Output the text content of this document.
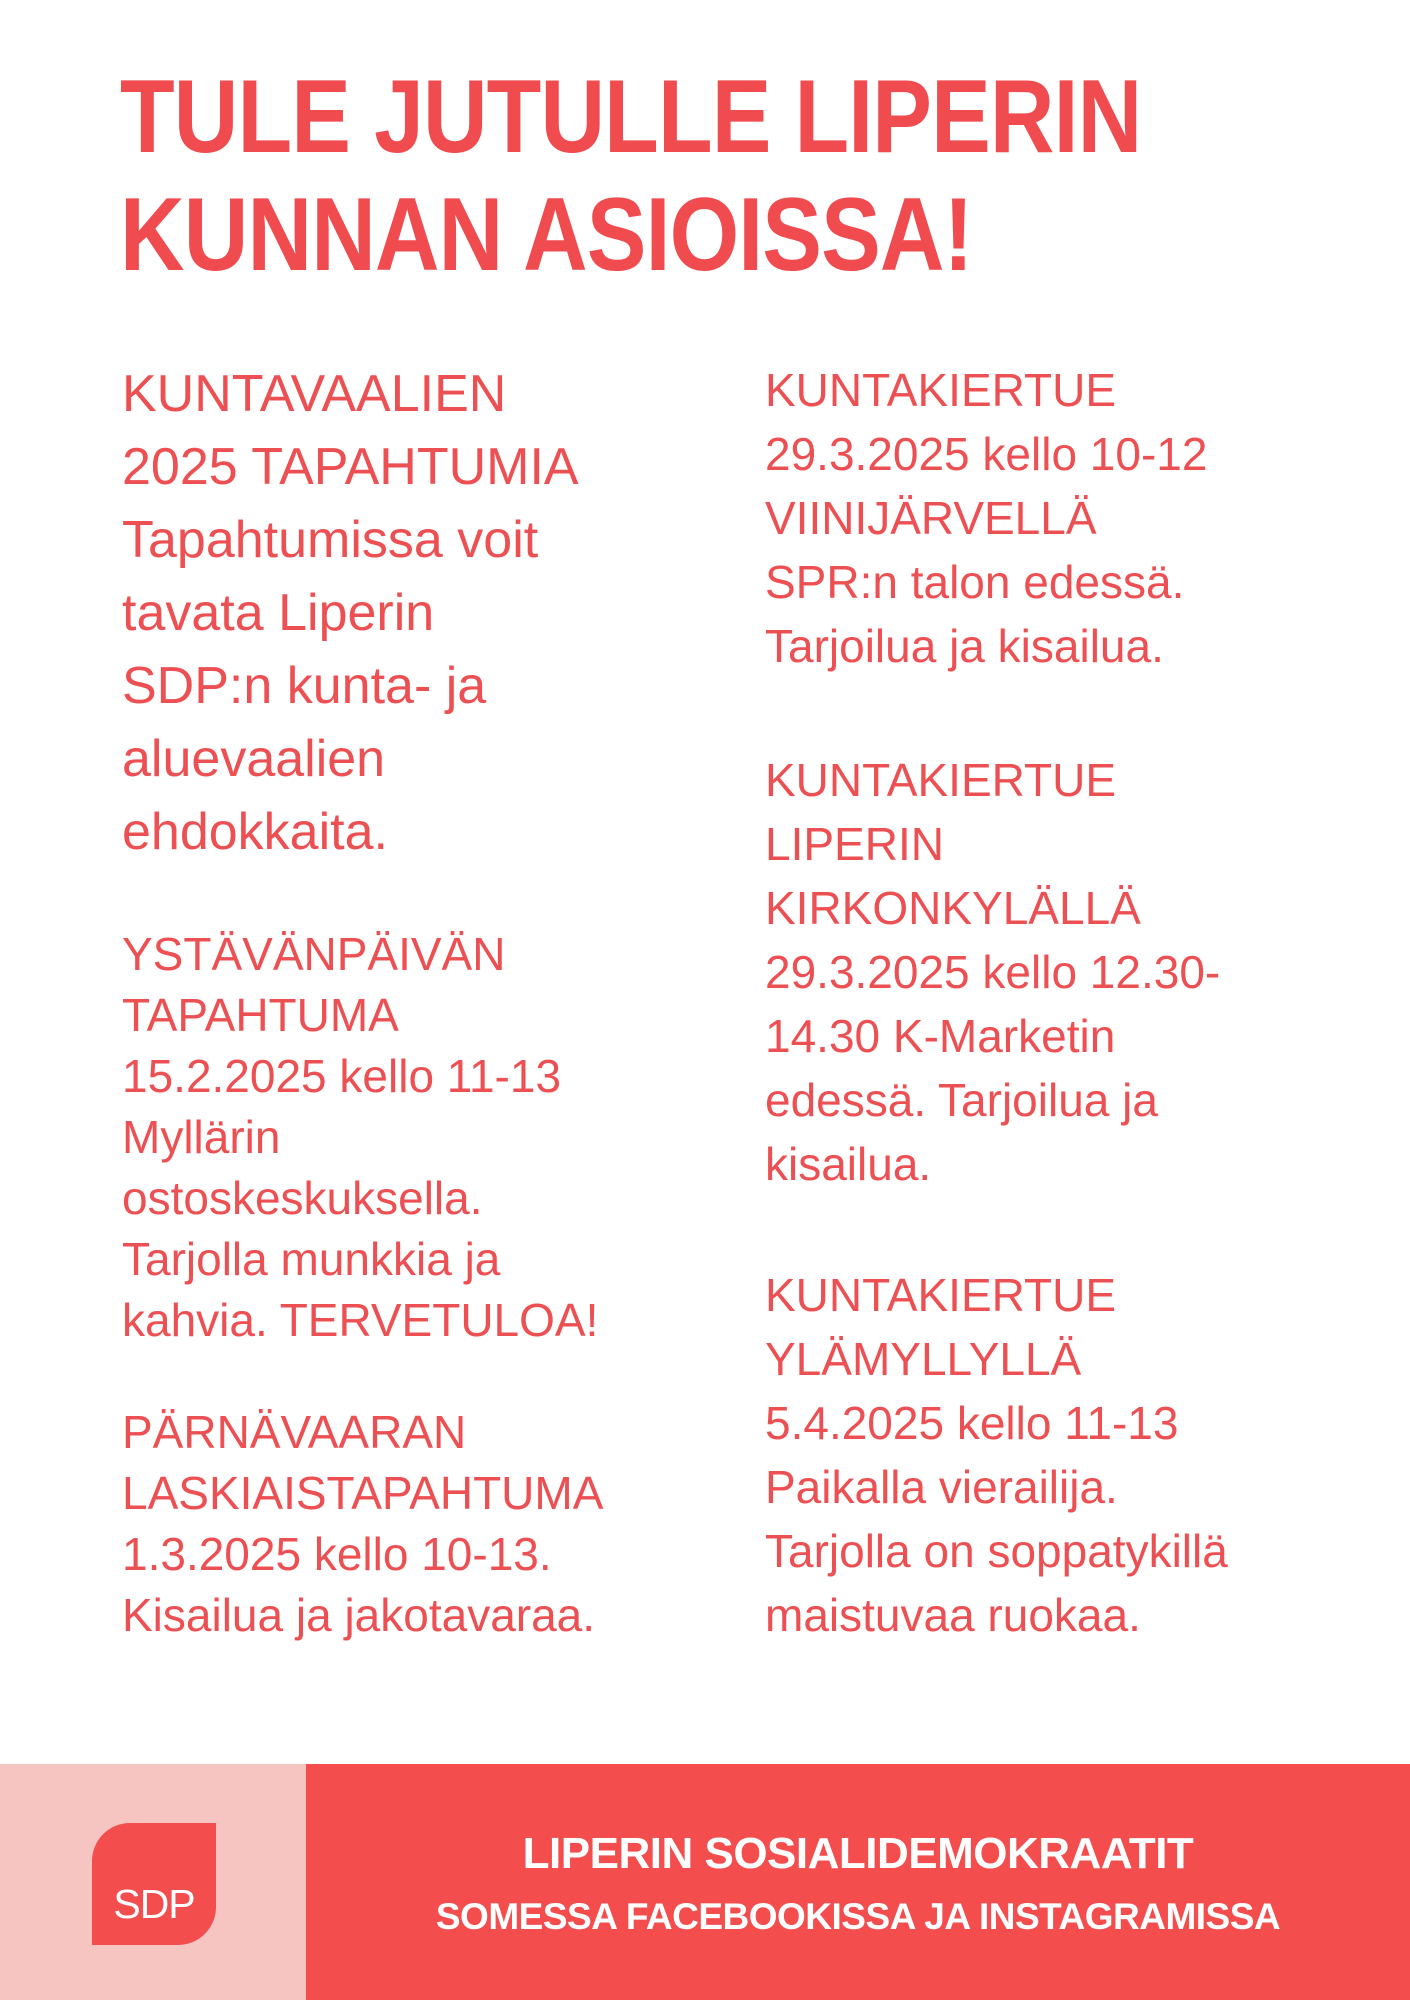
TULE JUTULLE LIPERIN
KUNNAN ASIOISSA!
KUNTAVAALIEN
2025 TAPAHTUMIA
Tapahtumissa voit
tavata Liperin
SDP:n kunta- ja
aluevaalien
ehdokkaita.
YSTÄVÄNPÄIVÄN
TAPAHTUMA
15.2.2025 kello 11-13
Myllärin
ostoskeskuksella.
Tarjolla munkkia ja
kahvia. TERVETULOA!
PÄRNÄVAARAN
LASKIAISTAPAHTUMA
1.3.2025 kello 10-13.
Kisailua ja jakotavaraa.
KUNTAKIERTUE
29.3.2025 kello 10-12
VIINIJÄRVELLÄ
SPR:n talon edessä.
Tarjoilua ja kisailua.
KUNTAKIERTUE
LIPERIN
KIRKONKYLÄLLÄ
29.3.2025 kello 12.30-
14.30 K-Marketin
edessä. Tarjoilua ja
kisailua.
KUNTAKIERTUE
YLÄMYLLYLLÄ
5.4.2025 kello 11-13
Paikalla vierailija.
Tarjolla on soppatykillä
maistuvaa ruokaa.
SDP
LIPERIN SOSIALIDEMOKRAATIT
SOMESSA FACEBOOKISSA JA INSTAGRAMISSA
